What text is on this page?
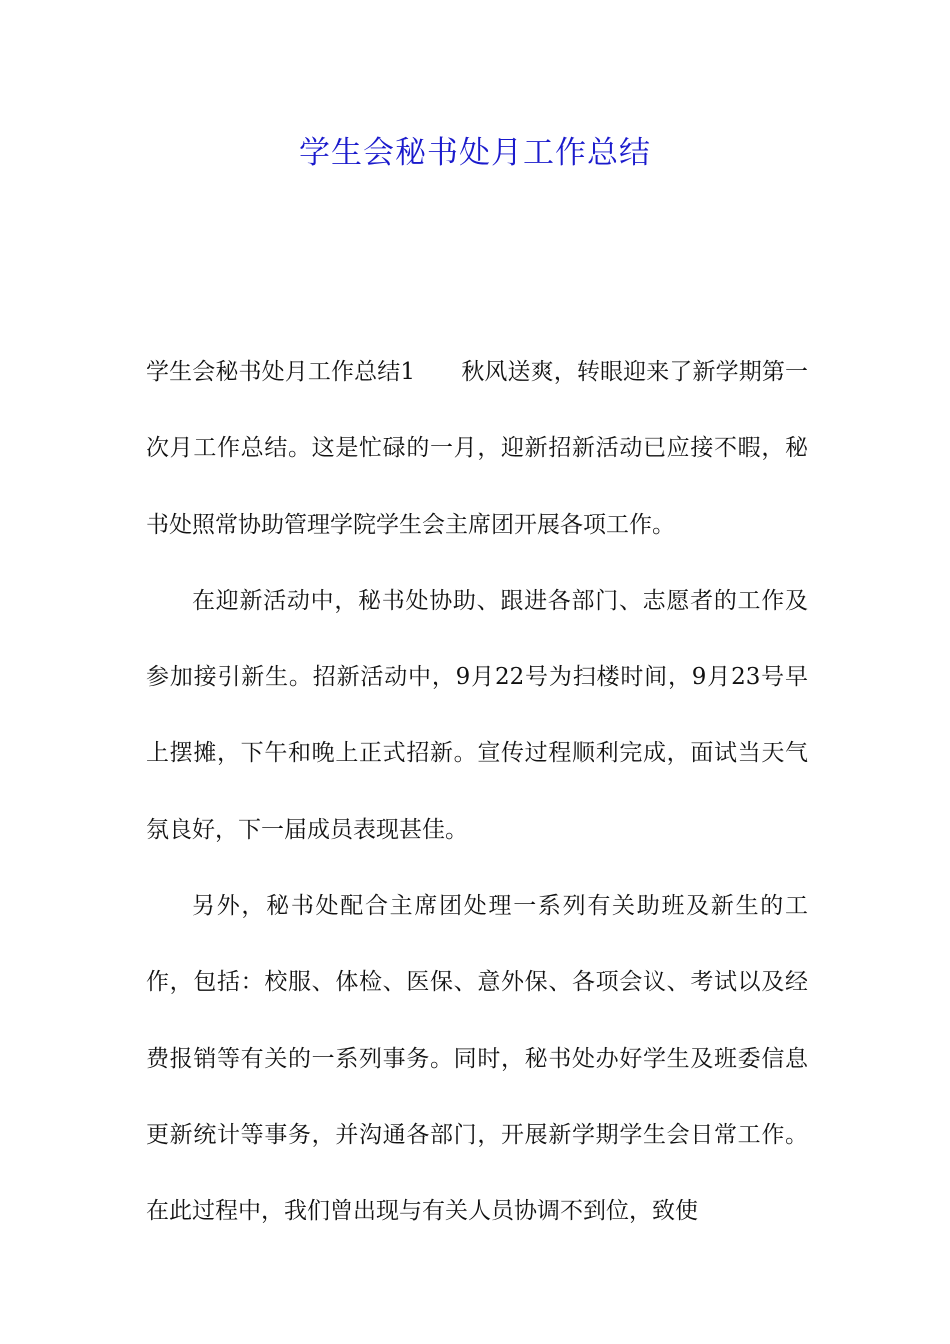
学生会秘书处月工作总结

学生会秘书处月工作总结1　　秋风送爽，转眼迎来了新学期第一次月工作总结。这是忙碌的一月，迎新招新活动已应接不暇，秘书处照常协助管理学院学生会主席团开展各项工作。

在迎新活动中，秘书处协助、跟进各部门、志愿者的工作及参加接引新生。招新活动中，9月22号为扫楼时间，9月23号早上摆摊，下午和晚上正式招新。宣传过程顺利完成，面试当天气氛良好，下一届成员表现甚佳。

另外，秘书处配合主席团处理一系列有关助班及新生的工作，包括：校服、体检、医保、意外保、各项会议、考试以及经费报销等有关的一系列事务。同时，秘书处办好学生及班委信息更新统计等事务，并沟通各部门，开展新学期学生会日常工作。在此过程中，我们曾出现与有关人员协调不到位，致使
